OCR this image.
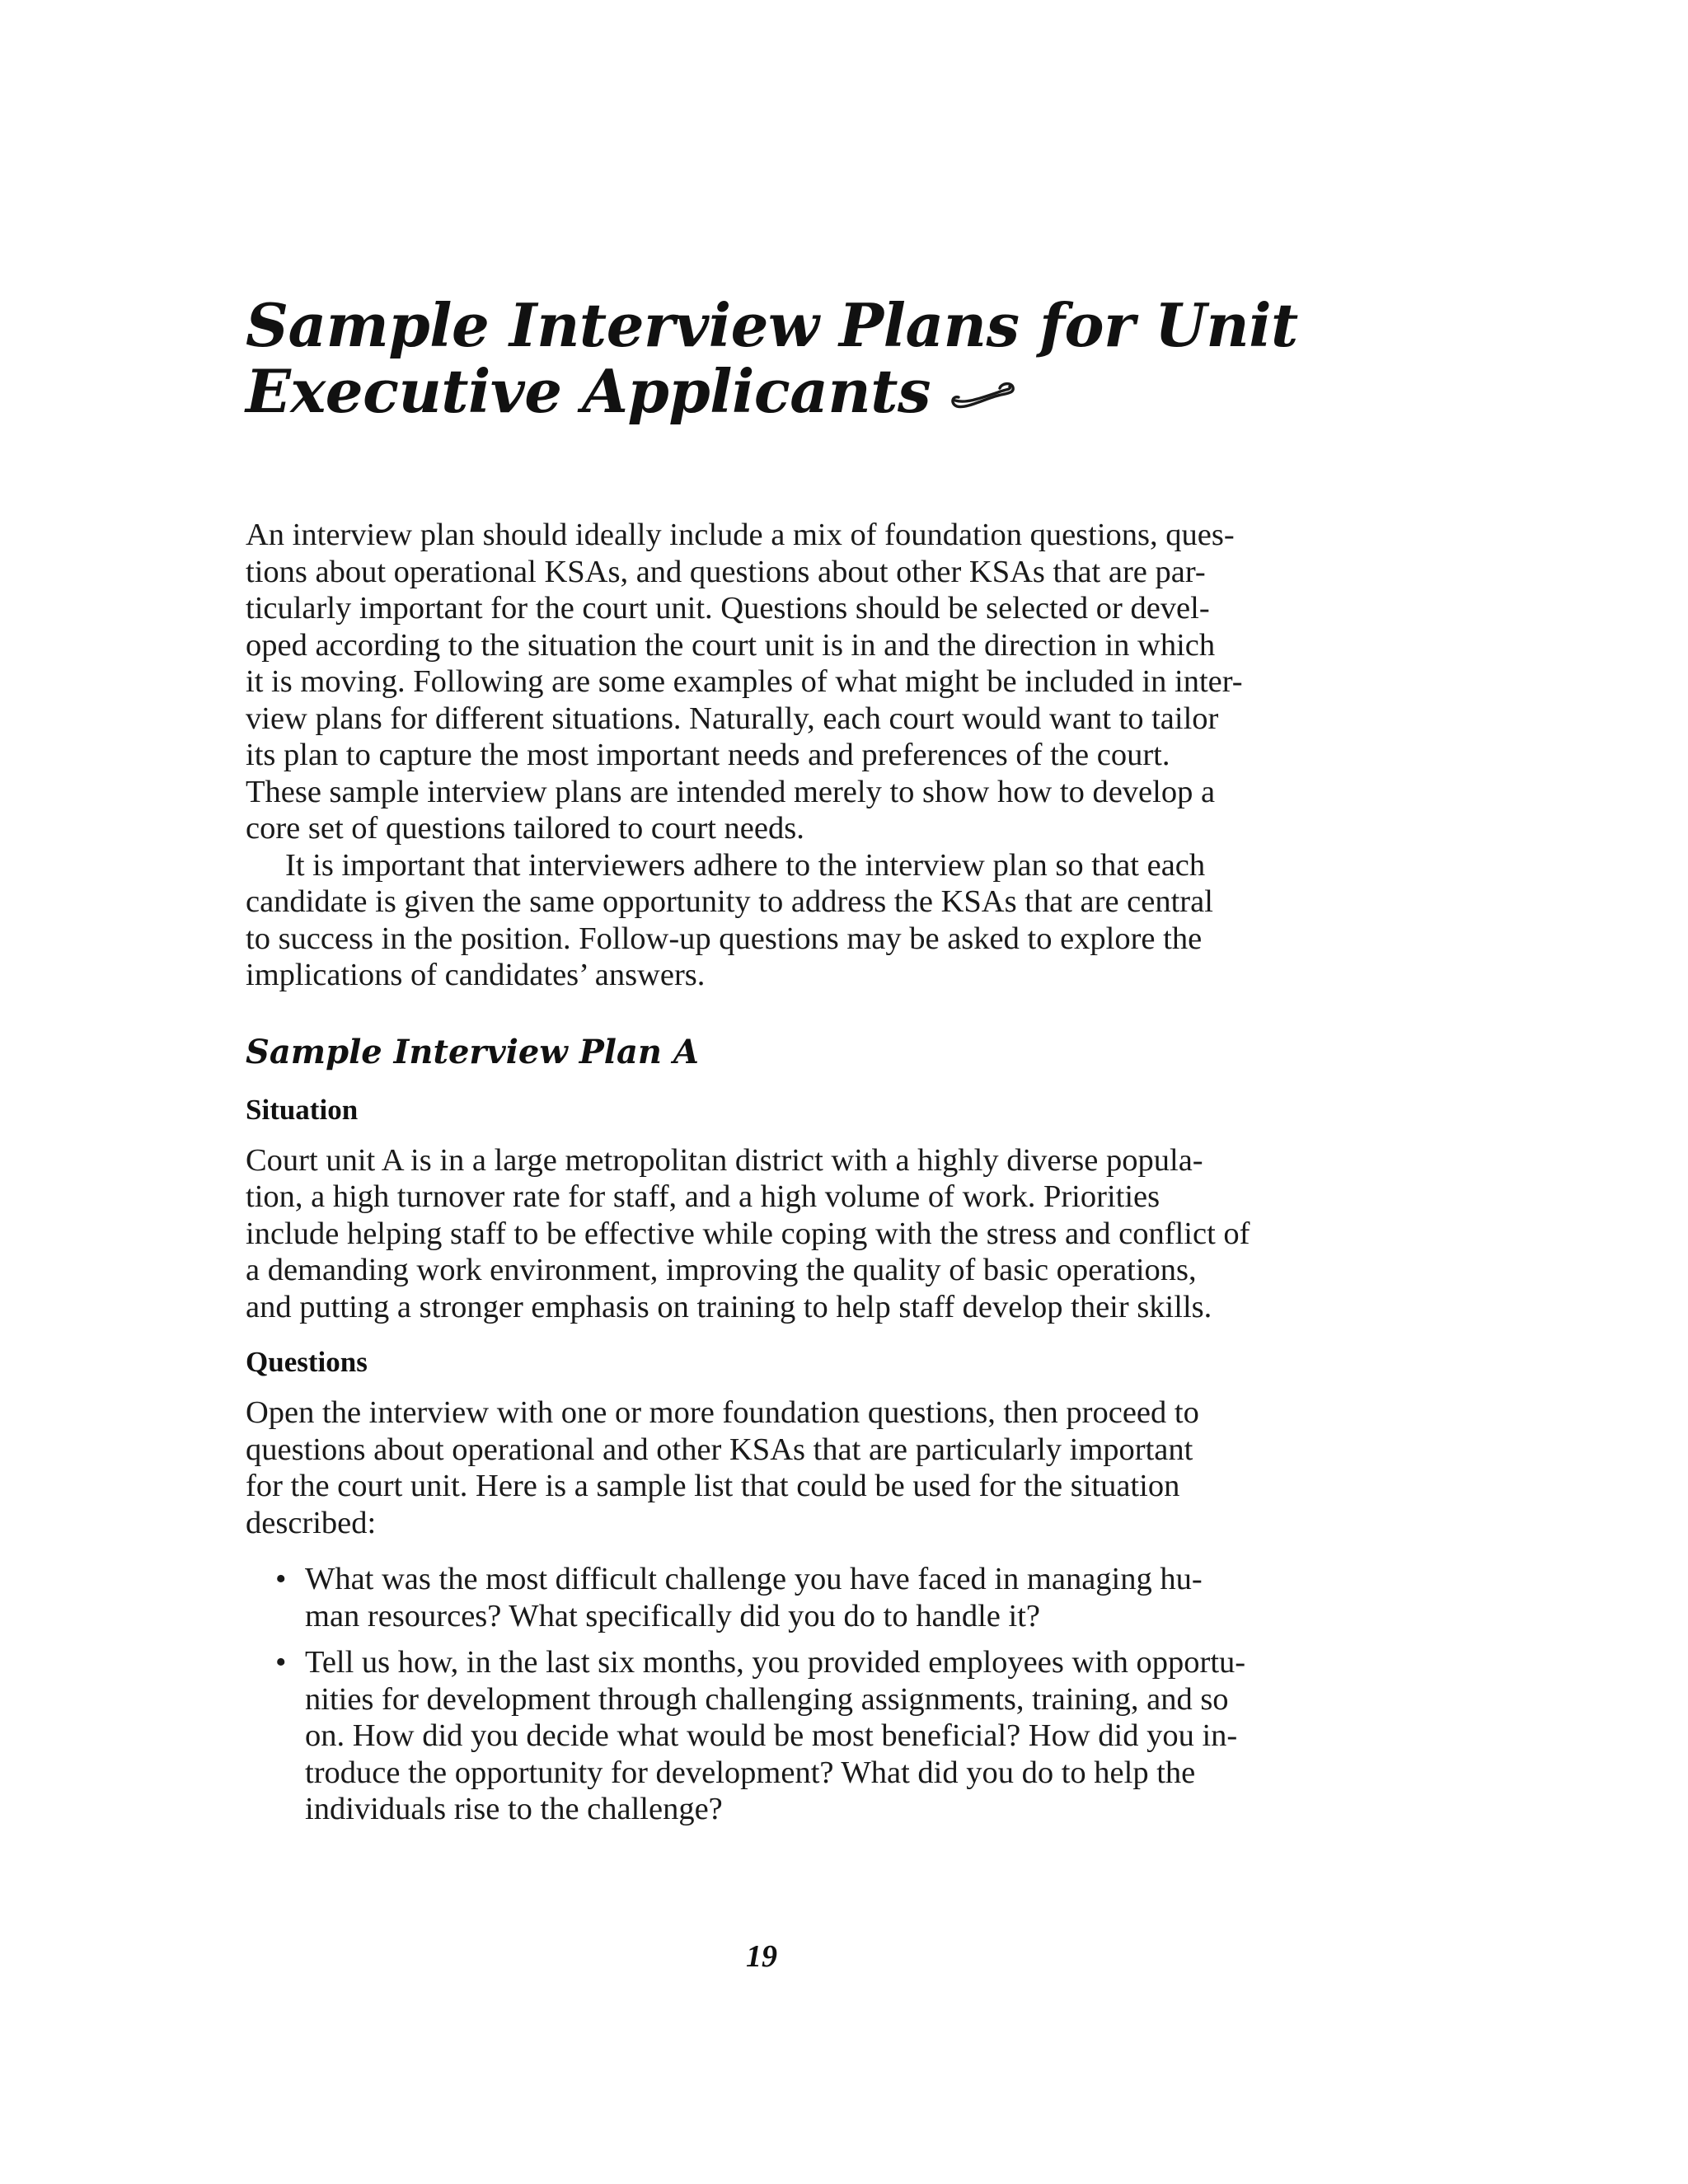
Sample Interview Plans for Unit
Executive Applicants

An interview plan should ideally include a mix of foundation questions, ques-
tions about operational KSAs, and questions about other KSAs that are par-
ticularly important for the court unit. Questions should be selected or devel-
oped according to the situation the court unit is in and the direction in which
it is moving. Following are some examples of what might be included in inter-
view plans for different situations. Naturally, each court would want to tailor
its plan to capture the most important needs and preferences of the court.
These sample interview plans are intended merely to show how to develop a
core set of questions tailored to court needs.
It is important that interviewers adhere to the interview plan so that each
candidate is given the same opportunity to address the KSAs that are central
to success in the position. Follow-up questions may be asked to explore the
implications of candidates’ answers.

Sample Interview Plan A
Situation

Court unit A is in a large metropolitan district with a highly diverse popula-
tion, a high turnover rate for staff, and a high volume of work. Priorities
include helping staff to be effective while coping with the stress and conflict of
a demanding work environment, improving the quality of basic operations,
and putting a stronger emphasis on training to help staff develop their skills.

Questions

Open the interview with one or more foundation questions, then proceed to
questions about operational and other KSAs that are particularly important
for the court unit. Here is a sample list that could be used for the situation
described:

• What was the most difficult challenge you have faced in managing hu-
man resources? What specifically did you do to handle it?
• Tell us how, in the last six months, you provided employees with opportu-
nities for development through challenging assignments, training, and so
on. How did you decide what would be most beneficial? How did you in-
troduce the opportunity for development? What did you do to help the
individuals rise to the challenge?
19
